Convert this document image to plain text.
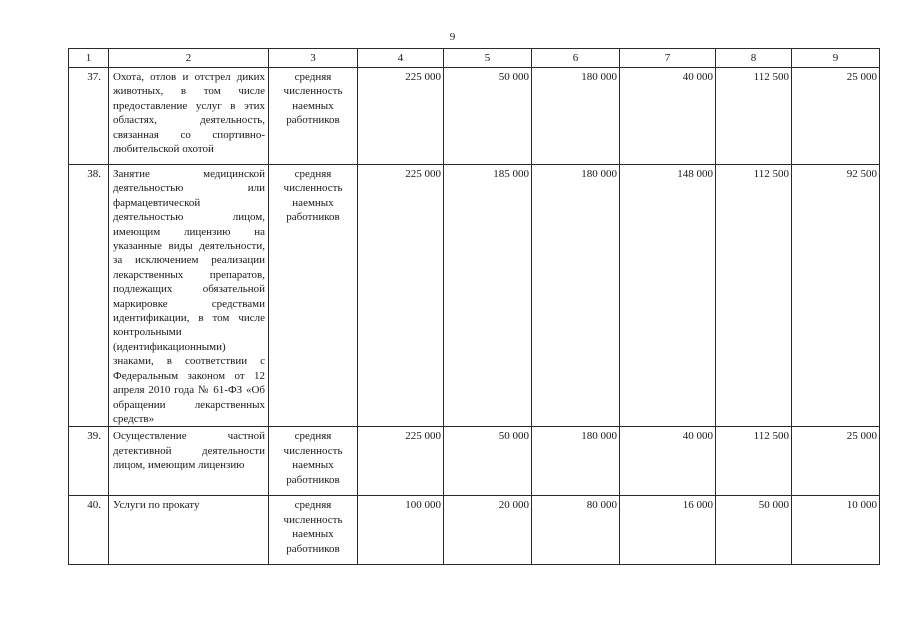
9
1	2	3	4	5	6	7	8	9
37.	Охота, отлов и отстрел диких животных, в том числе предоставление услуг в этих областях, деятельность, связанная со спортивно-любительской охотой	средняя численность наемных работников	225 000	50 000	180 000	40 000	112 500	25 000
38.	Занятие медицинской деятельностью или фармацевтической деятельностью лицом, имеющим лицензию на указанные виды деятельности, за исключением реализации лекарственных препаратов, подлежащих обязательной маркировке средствами идентификации, в том числе контрольными (идентификационными) знаками, в соответствии с Федеральным законом от 12 апреля 2010 года № 61-ФЗ «Об обращении лекарственных средств»	средняя численность наемных работников	225 000	185 000	180 000	148 000	112 500	92 500
39.	Осуществление частной детективной деятельности лицом, имеющим лицензию	средняя численность наемных работников	225 000	50 000	180 000	40 000	112 500	25 000
40.	Услуги по прокату	средняя численность наемных работников	100 000	20 000	80 000	16 000	50 000	10 000
